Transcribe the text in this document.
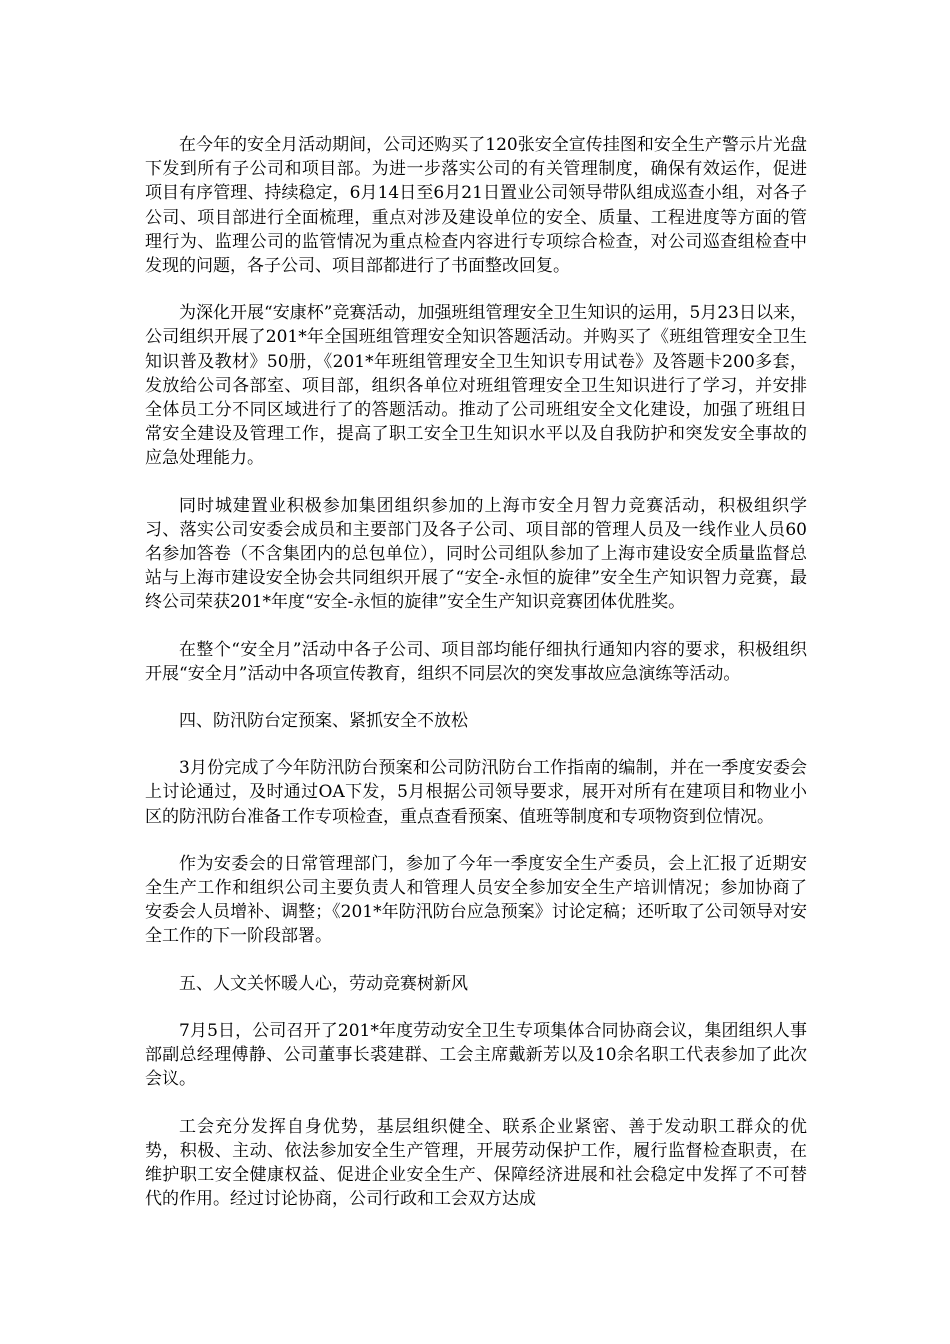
在今年的安全月活动期间，公司还购买了120张安全宣传挂图和安全生产警示片光盘下发到所有子公司和项目部。为进一步落实公司的有关管理制度，确保有效运作，促进项目有序管理、持续稳定，6月14日至6月21日置业公司领导带队组成巡查小组，对各子公司、项目部进行全面梳理，重点对涉及建设单位的安全、质量、工程进度等方面的管理行为、监理公司的监管情况为重点检查内容进行专项综合检查，对公司巡查组检查中发现的问题，各子公司、项目部都进行了书面整改回复。

为深化开展“安康杯”竞赛活动，加强班组管理安全卫生知识的运用，5月23日以来，公司组织开展了201*年全国班组管理安全知识答题活动。并购买了《班组管理安全卫生知识普及教材》50册，《201*年班组管理安全卫生知识专用试卷》及答题卡200多套，发放给公司各部室、项目部，组织各单位对班组管理安全卫生知识进行了学习，并安排全体员工分不同区域进行了的答题活动。推动了公司班组安全文化建设，加强了班组日常安全建设及管理工作，提高了职工安全卫生知识水平以及自我防护和突发安全事故的应急处理能力。

同时城建置业积极参加集团组织参加的上海市安全月智力竞赛活动，积极组织学习、落实公司安委会成员和主要部门及各子公司、项目部的管理人员及一线作业人员60名参加答卷（不含集团内的总包单位），同时公司组队参加了上海市建设安全质量监督总站与上海市建设安全协会共同组织开展了“安全-永恒的旋律”安全生产知识智力竞赛，最终公司荣获201*年度“安全-永恒的旋律”安全生产知识竞赛团体优胜奖。

在整个“安全月”活动中各子公司、项目部均能仔细执行通知内容的要求，积极组织开展“安全月”活动中各项宣传教育，组织不同层次的突发事故应急演练等活动。

四、防汛防台定预案、紧抓安全不放松

3月份完成了今年防汛防台预案和公司防汛防台工作指南的编制，并在一季度安委会上讨论通过，及时通过OA下发，5月根据公司领导要求，展开对所有在建项目和物业小区的防汛防台准备工作专项检查，重点查看预案、值班等制度和专项物资到位情况。

作为安委会的日常管理部门，参加了今年一季度安全生产委员，会上汇报了近期安全生产工作和组织公司主要负责人和管理人员安全参加安全生产培训情况；参加协商了安委会人员增补、调整；《201*年防汛防台应急预案》讨论定稿；还听取了公司领导对安全工作的下一阶段部署。

五、人文关怀暖人心，劳动竞赛树新风

7月5日，公司召开了201*年度劳动安全卫生专项集体合同协商会议，集团组织人事部副总经理傅静、公司董事长裘建群、工会主席戴新芳以及10余名职工代表参加了此次会议。

工会充分发挥自身优势，基层组织健全、联系企业紧密、善于发动职工群众的优势，积极、主动、依法参加安全生产管理，开展劳动保护工作，履行监督检查职责，在维护职工安全健康权益、促进企业安全生产、保障经济进展和社会稳定中发挥了不可替代的作用。经过讨论协商，公司行政和工会双方达成
